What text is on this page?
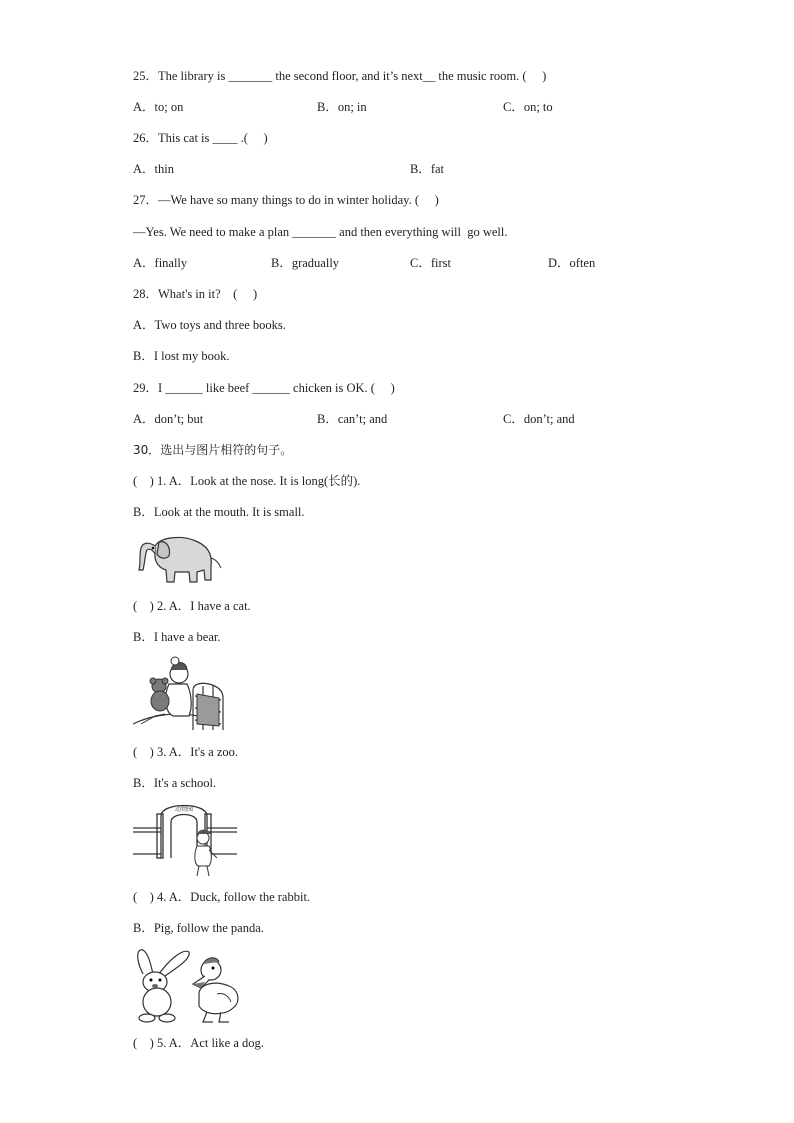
25．The library is _______ the second floor, and it’s next__ the music room. (     )
A．to; on	B．on; in	C．on; to
26．This cat is ____ .(     )
A．thin	B．fat
27．—We have so many things to do in winter holiday. (     )
—Yes. We need to make a plan _______ and then everything will  go well.
A．finally	B．gradually	C．first	D．often
28．What's in it?    (     )
A．Two toys and three books.
B．I lost my book.
29．I ______ like beef ______ chicken is OK. (     )
A．don’t; but	B．can’t; and	C．don’t; and
30．选出与图片相符的句子。
(    ) 1. A．Look at the nose. It is long(长的).
B．Look at the mouth. It is small.
(    ) 2. A．I have a cat.
B．I have a bear.
(    ) 3. A．It's a zoo.
B．It's a school.
动物园
(    ) 4. A．Duck, follow the rabbit.
B．Pig, follow the panda.
(    ) 5. A．Act like a dog.
